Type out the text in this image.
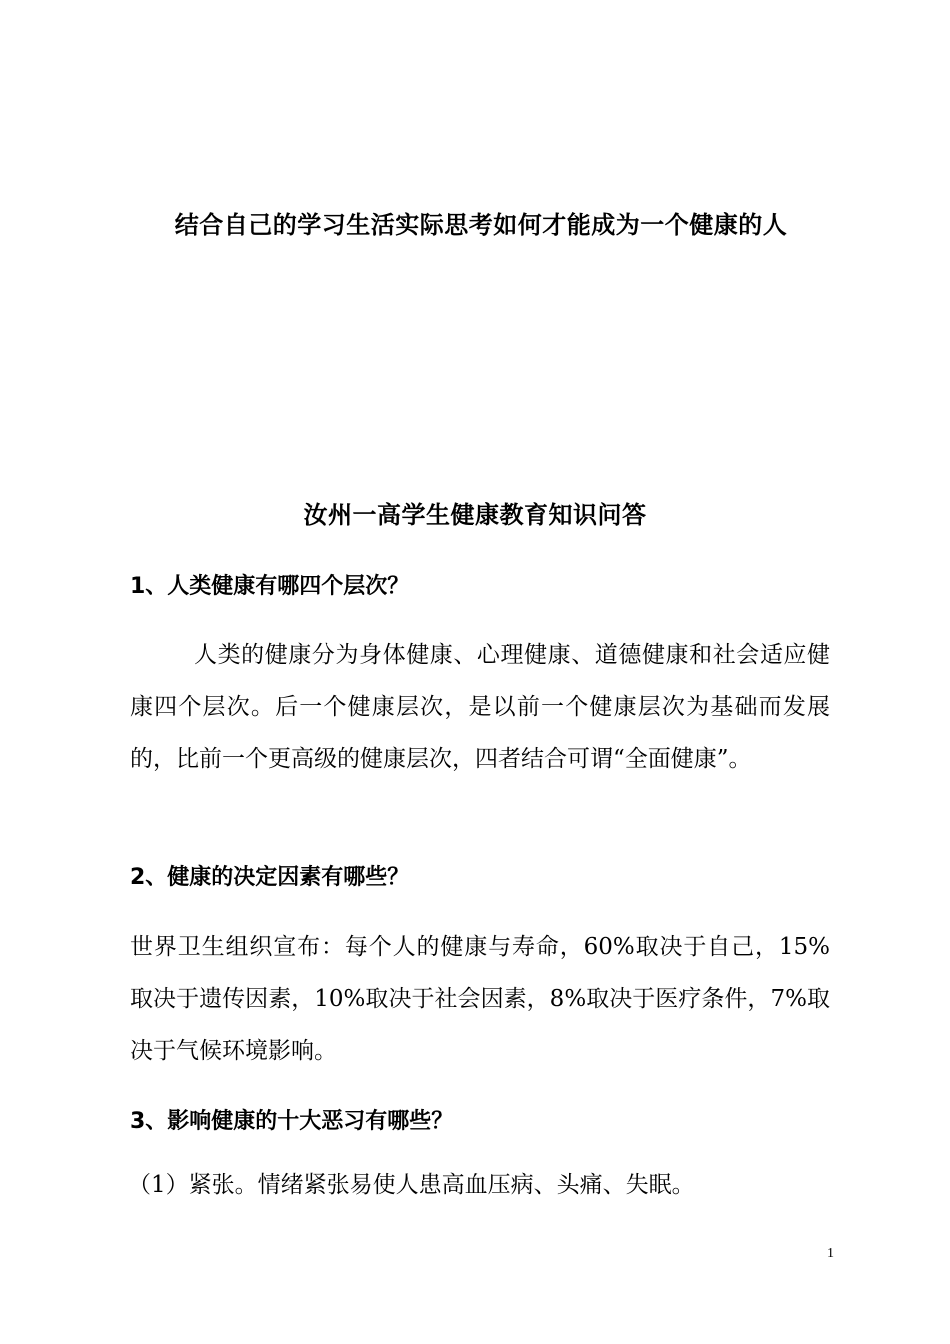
结合自己的学习生活实际思考如何才能成为一个健康的人
汝州一高学生健康教育知识问答
1、人类健康有哪四个层次？
人类的健康分为身体健康、心理健康、道德健康和社会适应健康四个层次。后一个健康层次，是以前一个健康层次为基础而发展的，比前一个更高级的健康层次，四者结合可谓“全面健康”。
2、健康的决定因素有哪些？
世界卫生组织宣布：每个人的健康与寿命，60%取决于自己，15%取决于遗传因素，10%取决于社会因素，8%取决于医疗条件，7%取决于气候环境影响。
3、影响健康的十大恶习有哪些？
（1）紧张。情绪紧张易使人患高血压病、头痛、失眠。
1
